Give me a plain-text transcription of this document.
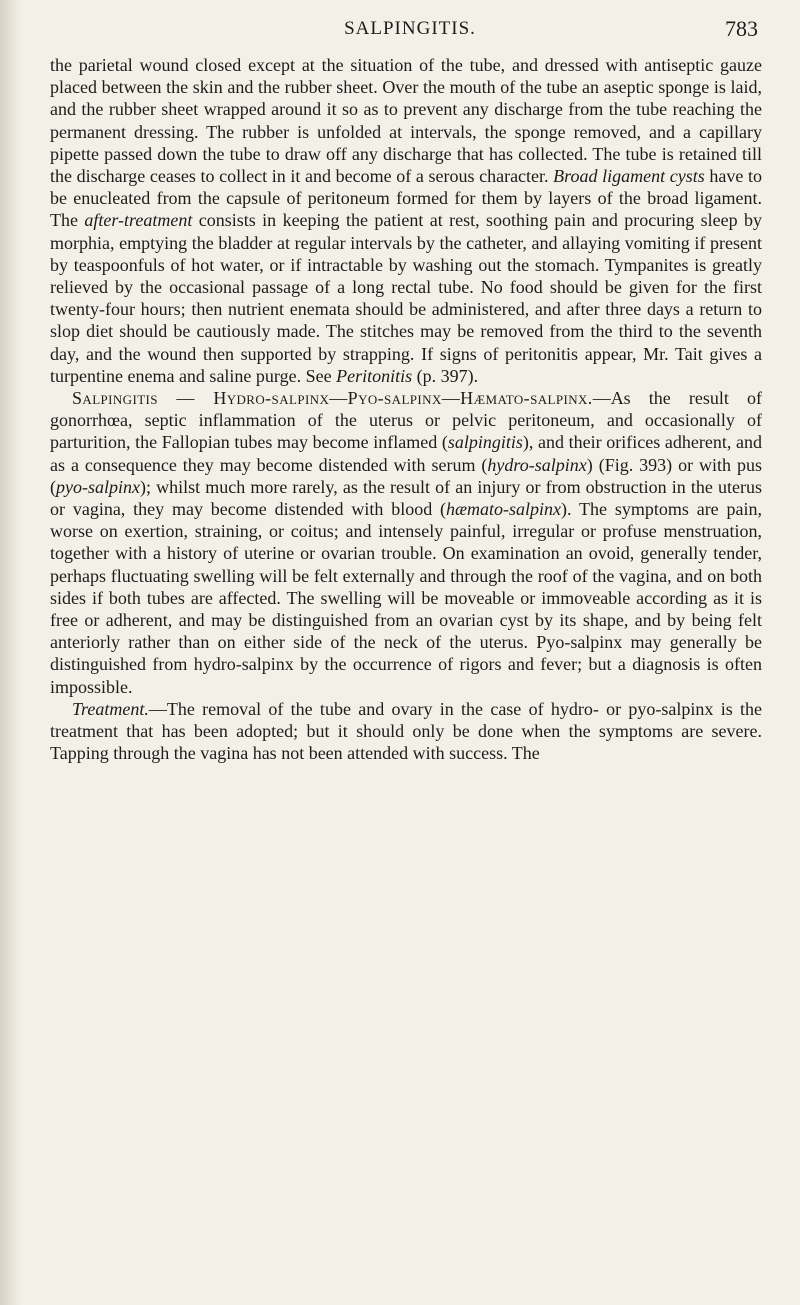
SALPINGITIS.	783

the parietal wound closed except at the situation of the tube, and dressed with antiseptic gauze placed between the skin and the rubber sheet. Over the mouth of the tube an aseptic sponge is laid, and the rubber sheet wrapped around it so as to prevent any discharge from the tube reaching the permanent dressing. The rubber is unfolded at intervals, the sponge removed, and a capillary pipette passed down the tube to draw off any discharge that has collected. The tube is retained till the discharge ceases to collect in it and become of a serous character. Broad ligament cysts have to be enucleated from the capsule of peritoneum formed for them by layers of the broad ligament. The after-treatment consists in keeping the patient at rest, soothing pain and procuring sleep by morphia, emptying the bladder at regular intervals by the catheter, and allaying vomiting if present by teaspoonfuls of hot water, or if intractable by washing out the stomach. Tympanites is greatly relieved by the occasional passage of a long rectal tube. No food should be given for the first twenty-four hours; then nutrient enemata should be administered, and after three days a return to slop diet should be cautiously made. The stitches may be removed from the third to the seventh day, and the wound then supported by strapping. If signs of peritonitis appear, Mr. Tait gives a turpentine enema and saline purge. See Peritonitis (p. 397).

Salpingitis — Hydro-salpinx—Pyo-salpinx—Hæmato-salpinx.—As the result of gonorrhœa, septic inflammation of the uterus or pelvic peritoneum, and occasionally of parturition, the Fallopian tubes may become inflamed (salpingitis), and their orifices adherent, and as a consequence they may become distended with serum (hydro-salpinx) (Fig. 393) or with pus (pyo-salpinx); whilst much more rarely, as the result of an injury or from obstruction in the uterus or vagina, they may become distended with blood (hæmato-salpinx). The symptoms are pain, worse on exertion, straining, or coitus; and intensely painful, irregular or profuse menstruation, together with a history of uterine or ovarian trouble. On examination an ovoid, generally tender, perhaps fluctuating swelling will be felt externally and through the roof of the vagina, and on both sides if both tubes are affected. The swelling will be moveable or immoveable according as it is free or adherent, and may be distinguished from an ovarian cyst by its shape, and by being felt anteriorly rather than on either side of the neck of the uterus. Pyo-salpinx may generally be distinguished from hydro-salpinx by the occurrence of rigors and fever; but a diagnosis is often impossible.

Treatment.—The removal of the tube and ovary in the case of hydro- or pyo-salpinx is the treatment that has been adopted; but it should only be done when the symptoms are severe. Tapping through the vagina has not been attended with success. The
